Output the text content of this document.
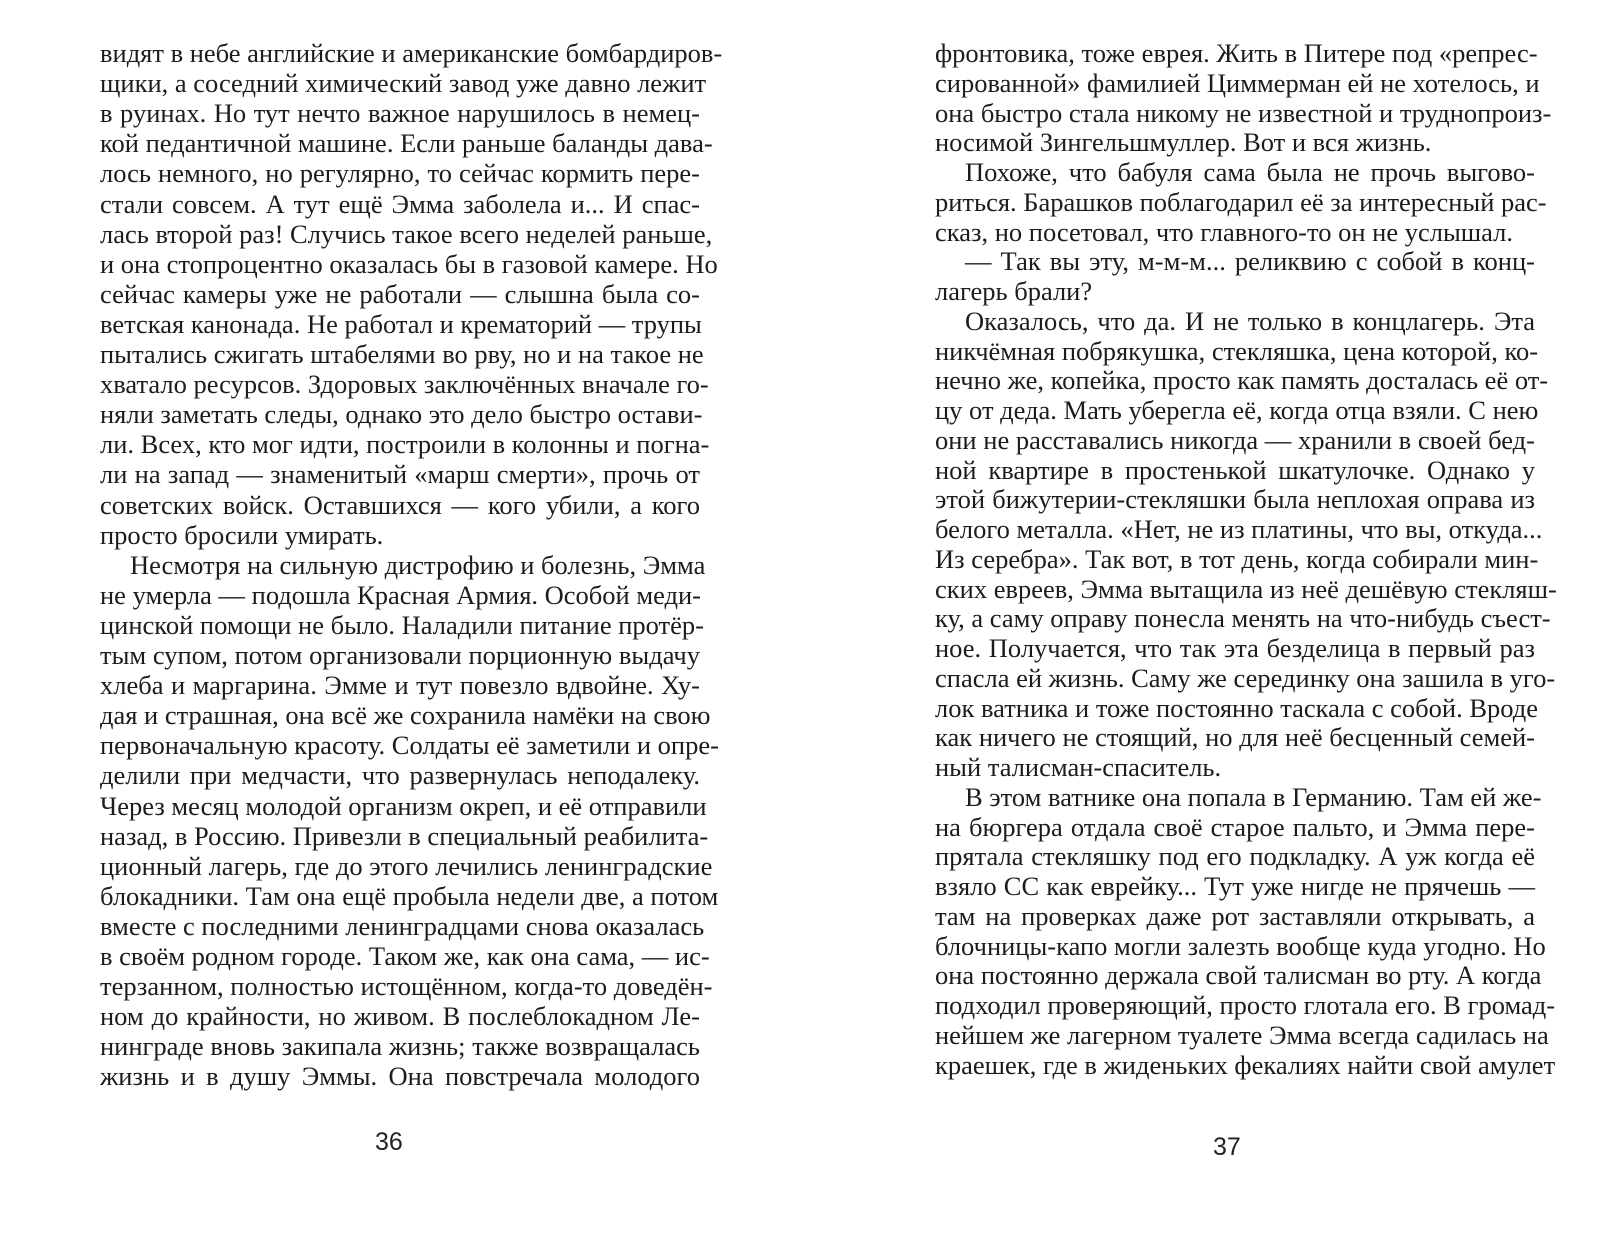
видят в небе английские и американские бомбардиров-
щики, а соседний химический завод уже давно лежит
в руинах. Но тут нечто важное нарушилось в немец-
кой педантичной машине. Если раньше баланды дава-
лось немного, но регулярно, то сейчас кормить пере-
стали совсем. А тут ещё Эмма заболела и... И спас-
лась второй раз! Случись такое всего неделей раньше,
и она стопроцентно оказалась бы в газовой камере. Но
сейчас камеры уже не работали — слышна была со-
ветская канонада. Не работал и крематорий — трупы
пытались сжигать штабелями во рву, но и на такое не
хватало ресурсов. Здоровых заключённых вначале го-
няли заметать следы, однако это дело быстро остави-
ли. Всех, кто мог идти, построили в колонны и погна-
ли на запад — знаменитый «марш смерти», прочь от
советских войск. Оставшихся — кого убили, а кого
просто бросили умирать.
Несмотря на сильную дистрофию и болезнь, Эмма
не умерла — подошла Красная Армия. Особой меди-
цинской помощи не было. Наладили питание протёр-
тым супом, потом организовали порционную выдачу
хлеба и маргарина. Эмме и тут повезло вдвойне. Ху-
дая и страшная, она всё же сохранила намёки на свою
первоначальную красоту. Солдаты её заметили и опре-
делили при медчасти, что развернулась неподалеку.
Через месяц молодой организм окреп, и её отправили
назад, в Россию. Привезли в специальный реабилита-
ционный лагерь, где до этого лечились ленинградские
блокадники. Там она ещё пробыла недели две, а потом
вместе с последними ленинградцами снова оказалась
в своём родном городе. Таком же, как она сама, — ис-
терзанном, полностью истощённом, когда-то доведён-
ном до крайности, но живом. В послеблокадном Ле-
нинграде вновь закипала жизнь; также возвращалась
жизнь и в душу Эммы. Она повстречала молодого
фронтовика, тоже еврея. Жить в Питере под «репрес-
сированной» фамилией Циммерман ей не хотелось, и
она быстро стала никому не известной и труднопроиз-
носимой Зингельшмуллер. Вот и вся жизнь.
Похоже, что бабуля сама была не прочь выгово-
риться. Барашков поблагодарил её за интересный рас-
сказ, но посетовал, что главного-то он не услышал.
— Так вы эту, м-м-м... реликвию с собой в конц-
лагерь брали?
Оказалось, что да. И не только в концлагерь. Эта
никчёмная побрякушка, стекляшка, цена которой, ко-
нечно же, копейка, просто как память досталась её от-
цу от деда. Мать уберегла её, когда отца взяли. С нею
они не расставались никогда — хранили в своей бед-
ной квартире в простенькой шкатулочке. Однако у
этой бижутерии-стекляшки была неплохая оправа из
белого металла. «Нет, не из платины, что вы, откуда...
Из серебра». Так вот, в тот день, когда собирали мин-
ских евреев, Эмма вытащила из неё дешёвую стекляш-
ку, а саму оправу понесла менять на что-нибудь съест-
ное. Получается, что так эта безделица в первый раз
спасла ей жизнь. Саму же серединку она зашила в уго-
лок ватника и тоже постоянно таскала с собой. Вроде
как ничего не стоящий, но для неё бесценный семей-
ный талисман-спаситель.
В этом ватнике она попала в Германию. Там ей же-
на бюргера отдала своё старое пальто, и Эмма пере-
прятала стекляшку под его подкладку. А уж когда её
взяло СС как еврейку... Тут уже нигде не прячешь —
там на проверках даже рот заставляли открывать, а
блочницы-капо могли залезть вообще куда угодно. Но
она постоянно держала свой талисман во рту. А когда
подходил проверяющий, просто глотала его. В громад-
нейшем же лагерном туалете Эмма всегда садилась на
краешек, где в жиденьких фекалиях найти свой амулет
36	37
